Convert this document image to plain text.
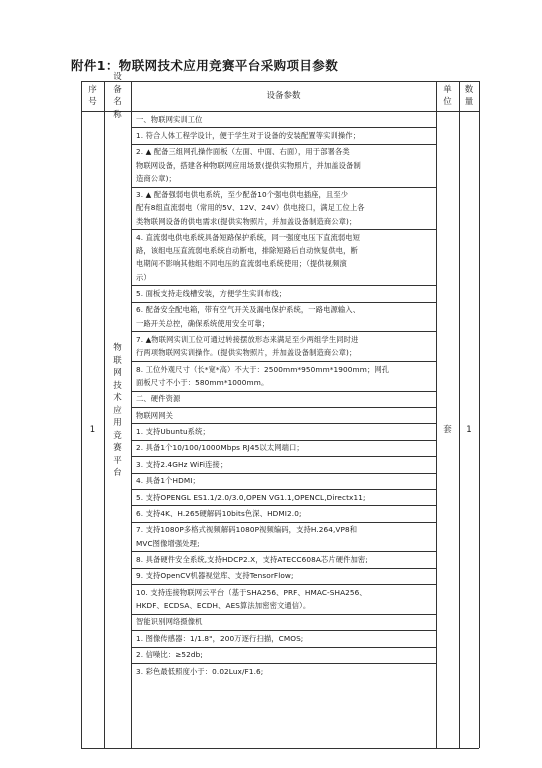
附件1：物联网技术应用竞赛平台采购项目参数
序号
设备名称
单位
数量
设备参数
一、物联网实训工位
1. 符合人体工程学设计，便于学生对于设备的安装配置等实训操作；
2. ▲ 配备三组网孔操作面板（左面、中面、右面），用于部署各类
物联网设备，搭建各种物联网应用场景(提供实物照片，并加盖设备制
造商公章)；
3. ▲ 配备强弱电供电系统，至少配备10个强电供电插座，且至少
配有8组直流弱电（常用的5V、12V、24V）供电接口，满足工位上各
类物联网设备的供电需求(提供实物照片，并加盖设备制造商公章)；
4. 直流弱电供电系统具备短路保护系统，同一强度电压下直流弱电短
路，该组电压直流弱电系统自动断电，排除短路后自动恢复供电，断
电期间不影响其他组不同电压的直流弱电系统使用；（提供视频演
示）
5. 面板支持走线槽安装，方便学生实训布线；
6. 配备安全配电箱，带有空气开关及漏电保护系统，一路电源输入、
一路开关总控，确保系统使用安全可靠；
7. ▲物联网实训工位可通过转接摆放形态来满足至少两组学生同时进
行两项物联网实训操作。(提供实物照片，并加盖设备制造商公章)；
8. 工位外观尺寸（长*宽*高）不大于：2500mm*950mm*1900mm；网孔
面板尺寸不小于：580mm*1000mm。
二、硬件资源
物联网网关
1. 支持Ubuntu系统；
2. 具备1个10/100/1000Mbps RJ45以太网端口；
3. 支持2.4GHz WiFi连接；
4. 具备1个HDMI；
5. 支持OPENGL ES1.1/2.0/3.0,OPEN VG1.1,OPENCL,Directx11;
6. 支持4K、H.265硬解码10bits色深、HDMI2.0;
7. 支持1080P多格式视频解码1080P视频编码，支持H.264,VP8和
MVC图像增强处理;
8. 具备硬件安全系统,支持HDCP2.X，支持ATECC608A芯片硬件加密;
9. 支持OpenCV机器视觉库、支持TensorFlow;
10. 支持连接物联网云平台（基于SHA256、PRF、HMAC-SHA256、
HKDF、ECDSA、ECDH、AES算法加密密文通信）。
智能识别网络摄像机
1. 图像传感器：1/1.8"，200万逐行扫描，CMOS;
2. 信噪比：≥52db;
3. 彩色最低照度小于：0.02Lux/F1.6;
1
物联网技术应用竞赛平台
套	1
